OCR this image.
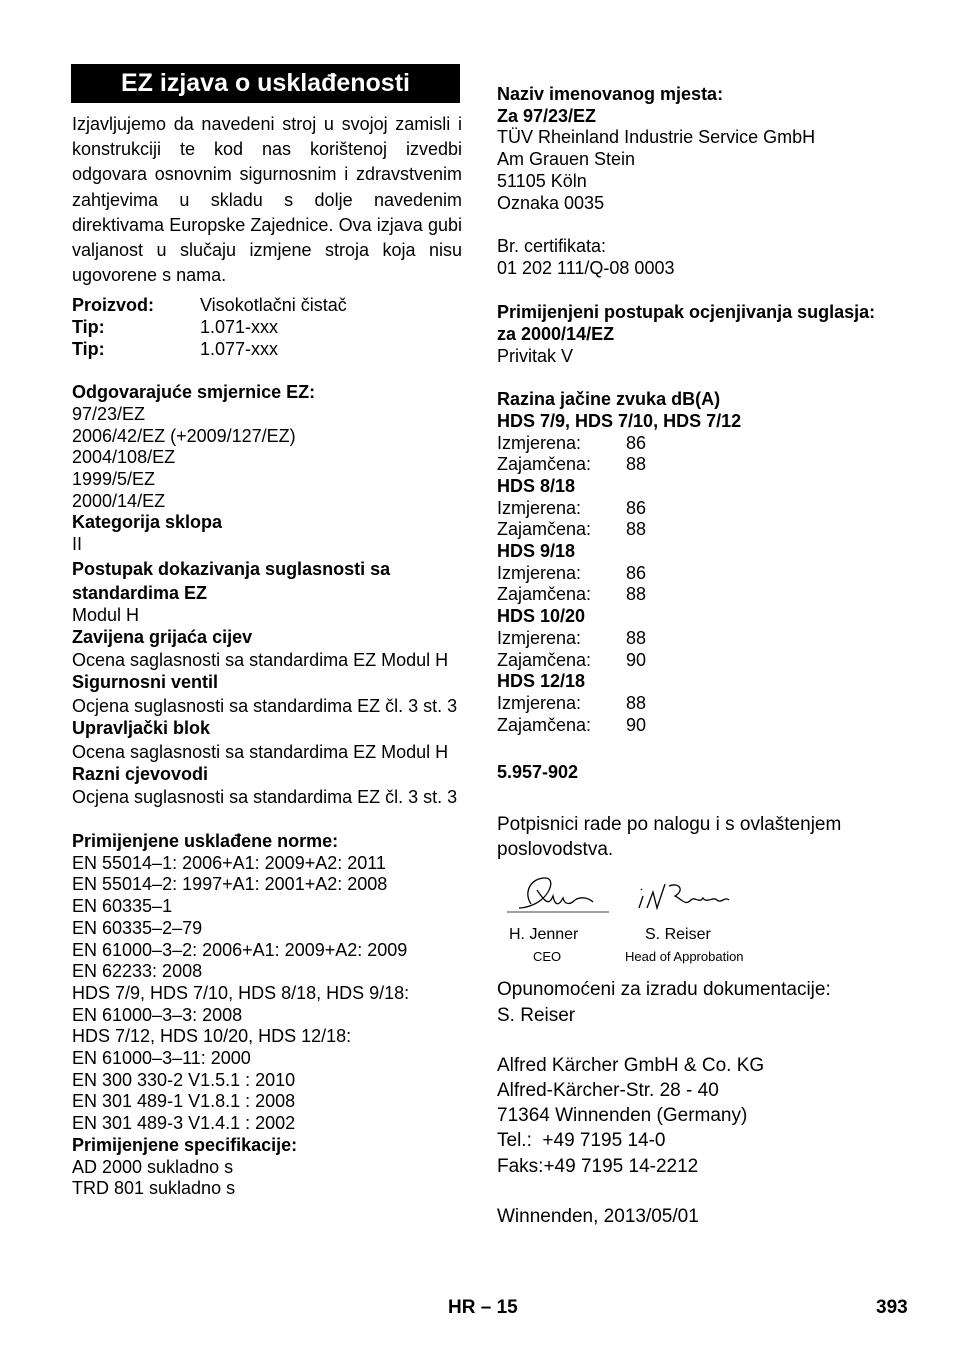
EZ izjava o usklađenosti
Izjavljujemo da navedeni stroj u svojoj zamisli i konstrukciji te kod nas korištenoj izvedbi odgovara osnovnim sigurnosnim i zdravstvenim zahtjevima u skladu s dolje navedenim direktivama Europske Zajednice. Ova izjava gubi valjanost u slučaju izmjene stroja koja nisu ugovorene s nama.
Proizvod:	Visokotlačni čistač
Tip:	1.071-xxx
Tip:	1.077-xxx
Odgovarajuće smjernice EZ:
97/23/EZ
2006/42/EZ (+2009/127/EZ)
2004/108/EZ
1999/5/EZ
2000/14/EZ
Kategorija sklopa
II
Postupak dokazivanja suglasnosti sa standardima EZ
Modul H
Zavijena grijaća cijev
Ocena saglasnosti sa standardima EZ Modul H
Sigurnosni ventil
Ocjena suglasnosti sa standardima EZ čl. 3 st. 3
Upravljački blok
Ocena saglasnosti sa standardima EZ Modul H
Razni cjevovodi
Ocjena suglasnosti sa standardima EZ čl. 3 st. 3
Primijenjene usklađene norme:
EN 55014–1: 2006+A1: 2009+A2: 2011
EN 55014–2: 1997+A1: 2001+A2: 2008
EN 60335–1
EN 60335–2–79
EN 61000–3–2: 2006+A1: 2009+A2: 2009
EN 62233: 2008
HDS 7/9, HDS 7/10, HDS 8/18, HDS 9/18:
EN 61000–3–3: 2008
HDS 7/12, HDS 10/20, HDS 12/18:
EN 61000–3–11: 2000
EN 300 330-2 V1.5.1 : 2010
EN 301 489-1 V1.8.1 : 2008
EN 301 489-3 V1.4.1 : 2002
Primijenjene specifikacije:
AD 2000 sukladno s
TRD 801 sukladno s
Naziv imenovanog mjesta:
Za 97/23/EZ
TÜV Rheinland Industrie Service GmbH
Am Grauen Stein
51105 Köln
Oznaka 0035
Br. certifikata:
01 202 111/Q-08 0003
Primijenjeni postupak ocjenjivanja suglasja:
za 2000/14/EZ
Privitak V
Razina jačine zvuka dB(A)
HDS 7/9, HDS 7/10, HDS 7/12
Izmjerena:	86
Zajamčena:	88
HDS 8/18
Izmjerena:	86
Zajamčena:	88
HDS 9/18
Izmjerena:	86
Zajamčena:	88
HDS 10/20
Izmjerena:	88
Zajamčena:	90
HDS 12/18
Izmjerena:	88
Zajamčena:	90
5.957-902
Potpisnici rade po nalogu i s ovlaštenjem poslovodstva.
H. Jenner
CEO
S. Reiser
Head of Approbation
Opunomoćeni za izradu dokumentacije:
S. Reiser
Alfred Kärcher GmbH & Co. KG
Alfred-Kärcher-Str. 28 - 40
71364 Winnenden (Germany)
Tel.:  +49 7195 14-0
Faks:+49 7195 14-2212
Winnenden, 2013/05/01
HR – 15	393
